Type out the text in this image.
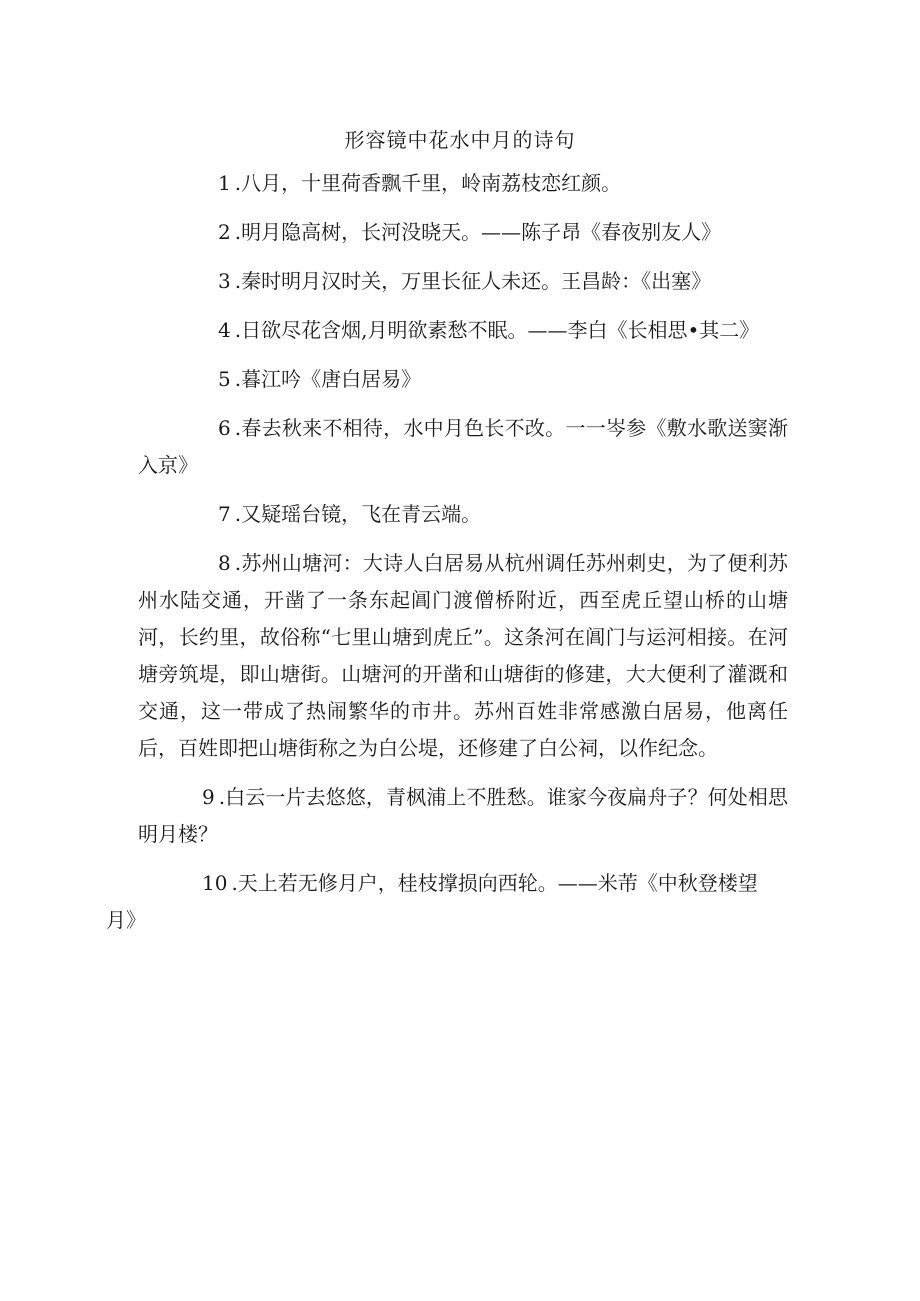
形容镜中花水中月的诗句
1 .八月，十里荷香飘千里，岭南荔枝恋红颜。
2 .明月隐高树，长河没晓天。——陈子昂《春夜别友人》
3 .秦时明月汉时关，万里长征人未还。王昌龄：《出塞》
4 .日欲尽花含烟,月明欲素愁不眠。——李白《长相思•其二》
5 .暮江吟《唐白居易》
6 .春去秋来不相待，水中月色长不改。一一岑参《敷水歌送窦渐入京》
7 .又疑瑶台镜，飞在青云端。
8 .苏州山塘河：大诗人白居易从杭州调任苏州刺史，为了便利苏州水陆交通，开凿了一条东起阊门渡僧桥附近，西至虎丘望山桥的山塘河，长约里，故俗称“七里山塘到虎丘”。这条河在阊门与运河相接。在河塘旁筑堤，即山塘街。山塘河的开凿和山塘街的修建，大大便利了灌溉和交通，这一带成了热闹繁华的市井。苏州百姓非常感激白居易，他离任后，百姓即把山塘街称之为白公堤，还修建了白公祠，以作纪念。
9 .白云一片去悠悠，青枫浦上不胜愁。谁家今夜扁舟子？何处相思明月楼？
10 .天上若无修月户，桂枝撑损向西轮。——米芾《中秋登楼望
月》
